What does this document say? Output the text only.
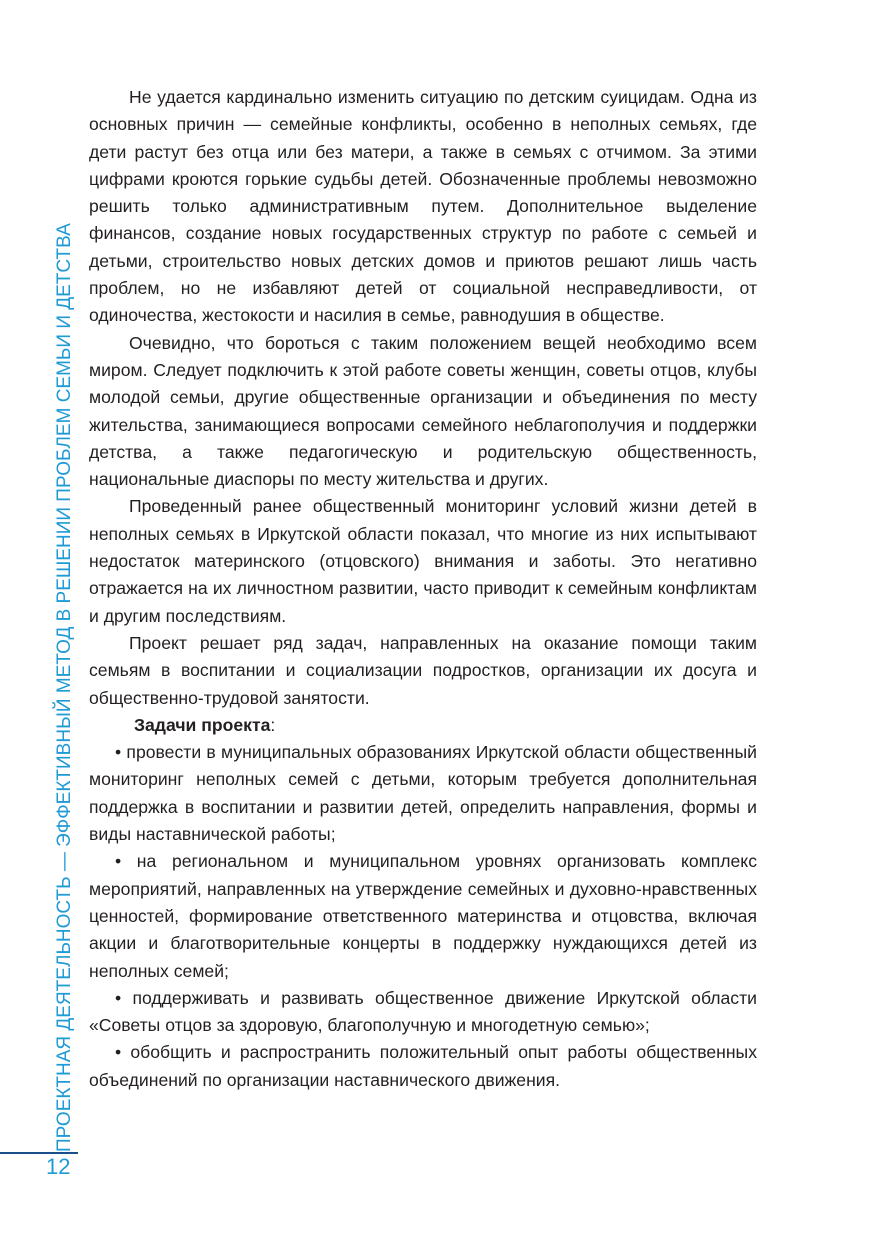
ПРОЕКТНАЯ ДЕЯТЕЛЬНОСТЬ — ЭФФЕКТИВНЫЙ МЕТОД В РЕШЕНИИ ПРОБЛЕМ СЕМЬИ И ДЕТСТВА
12

Не удается кардинально изменить ситуацию по детским суицидам. Одна из основных причин — семейные конфликты, особенно в неполных семьях, где дети растут без отца или без матери, а также в семьях с отчимом. За этими цифрами кроются горькие судьбы детей. Обозначенные проблемы невозможно решить только административным путем. Дополнительное выделение финансов, создание новых государственных структур по работе с семьей и детьми, строительство новых детских домов и приютов решают лишь часть проблем, но не избавляют детей от социальной несправедливости, от одиночества, жестокости и насилия в семье, равнодушия в обществе.

Очевидно, что бороться с таким положением вещей необходимо всем миром. Следует подключить к этой работе советы женщин, советы отцов, клубы молодой семьи, другие общественные организации и объединения по месту жительства, занимающиеся вопросами семейного неблагополучия и поддержки детства, а также педагогическую и родительскую общественность, национальные диаспоры по месту жительства и других.

Проведенный ранее общественный мониторинг условий жизни детей в неполных семьях в Иркутской области показал, что многие из них испытывают недостаток материнского (отцовского) внимания и заботы. Это негативно отражается на их личностном развитии, часто приводит к семейным конфликтам и другим последствиям.

Проект решает ряд задач, направленных на оказание помощи таким семьям в воспитании и социализации подростков, организации их досуга и общественно-трудовой занятости.

Задачи проекта:

• провести в муниципальных образованиях Иркутской области общественный мониторинг неполных семей с детьми, которым требуется дополнительная поддержка в воспитании и развитии детей, определить направления, формы и виды наставнической работы;

• на региональном и муниципальном уровнях организовать комплекс мероприятий, направленных на утверждение семейных и духовно-нравственных ценностей, формирование ответственного материнства и отцовства, включая акции и благотворительные концерты в поддержку нуждающихся детей из неполных семей;

• поддерживать и развивать общественное движение Иркутской области «Советы отцов за здоровую, благополучную и многодетную семью»;

• обобщить и распространить положительный опыт работы общественных объединений по организации наставнического движения.
